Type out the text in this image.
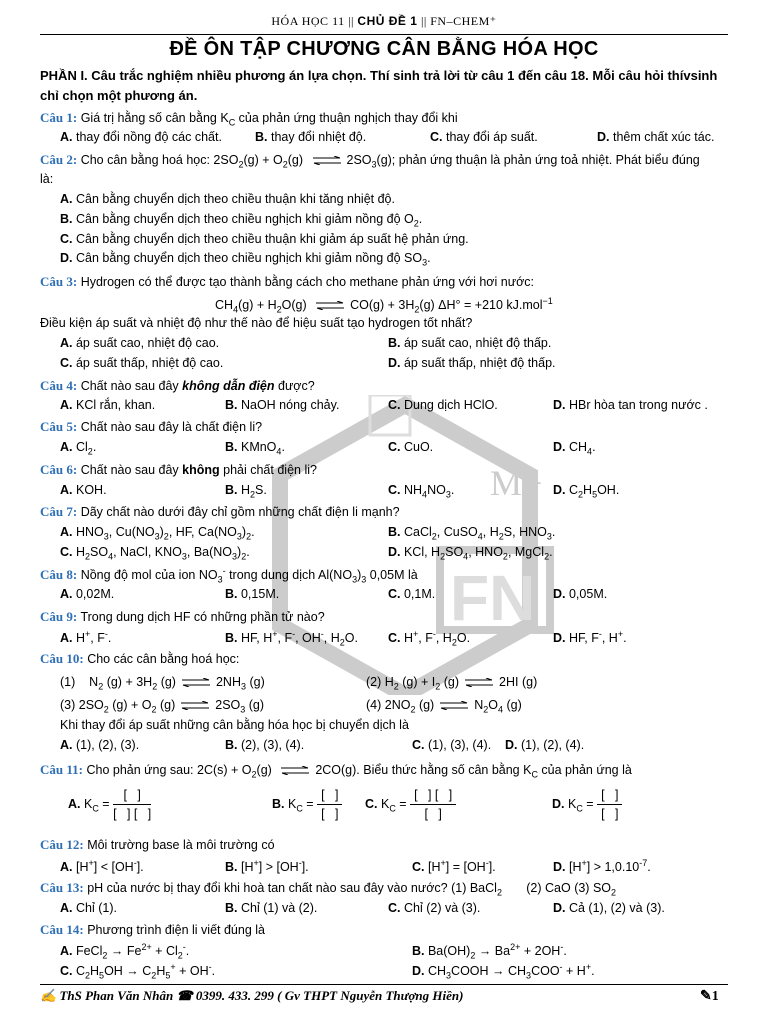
HÓA HỌC 11 || CHỦ ĐỀ 1 || FN–CHEM⁺
ĐỀ ÔN TẬP CHƯƠNG CÂN BẰNG HÓA HỌC
PHẦN I. Câu trắc nghiệm nhiều phương án lựa chọn. Thí sinh trả lời từ câu 1 đến câu 18. Mỗi câu hỏi thívsinh chỉ chọn một phương án.
M+
FN
Câu 1: Giá trị hằng số cân bằng $K_C$ của phản ứng thuận nghịch thay đổi khi
A. thay đổi nồng độ các chất.	B. thay đổi nhiệt độ.	C. thay đổi áp suất.	D. thêm chất xúc tác.
Câu 2: Cho cân bằng hoá học: $2SO_2(g) + O_2(g)$ ⇌ $2SO_3(g)$; phản ứng thuận là phản ứng toả nhiệt. Phát biểu đúng
là:
A. Cân bằng chuyển dịch theo chiều thuận khi tăng nhiệt độ.
B. Cân bằng chuyển dịch theo chiều nghịch khi giảm nồng độ $O_2$.
C. Cân bằng chuyển dịch theo chiều thuận khi giảm áp suất hệ phản ứng.
D. Cân bằng chuyển dịch theo chiều nghịch khi giảm nồng độ $SO_3$.
Câu 3: Hydrogen có thể được tạo thành bằng cách cho methane phản ứng với hơi nước:
$CH_4(g) + H_2O(g)$ ⇌ $CO(g) + 3H_2(g) \Delta H^\circ = +210$ kJ.mol$^{-1}$
Điều kiện áp suất và nhiệt độ như thế nào để hiệu suất tạo hydrogen tốt nhất?
A. áp suất cao, nhiệt độ cao.	B. áp suất cao, nhiệt độ thấp.
C. áp suất thấp, nhiệt độ cao.	D. áp suất thấp, nhiệt độ thấp.
Câu 4: Chất nào sau đây không dẫn điện được?
A. KCl rắn, khan.	B. NaOH nóng chảy.	C. Dung dịch HClO.	D. HBr hòa tan trong nước .
Câu 5: Chất nào sau đây là chất điện li?
A. $Cl_2$.	B. KMnO$_4$.	C. CuO.	D. $CH_4$.
Câu 6: Chất nào sau đây không phải chất điện li?
A. KOH.	B. $H_2S$.	C. $NH_4NO_3$.	D. $C_2H_5OH$.
Câu 7: Dãy chất nào dưới đây chỉ gồm những chất điện li mạnh?
A. $HNO_3$, $Cu(NO_3)_2$, HF, $Ca(NO_3)_2$.	B. CaCl$_2$, CuSO$_4$, $H_2S$, $HNO_3$.
C. $H_2SO_4$, NaCl, $KNO_3$, $Ba(NO_3)_2$.	D. KCl, $H_2SO_4$, $HNO_2$, MgCl$_2$.
Câu 8: Nồng độ mol của ion $NO_3^-$ trong dung dịch $Al(NO_3)_3$ 0,05M là
A. 0,02M.	B. 0,15M.	C. 0,1M.	D. 0,05M.
Câu 9: Trong dung dịch HF có những phần tử nào?
A. H+, F-.	B. HF, H+, F-, OH-, $H_2O$. C. H+, F-, $H_2O$.	D. HF, F-, H+.
Câu 10: Cho các cân bằng hoá học:
(1)    $N_2$ $(g) + 3H_2$ (g) ⇌ $2NH_3$ (g)	(2) $H_2$ $(g) + I_2$ (g) ⇌ 2HI (g)
(3) $2SO_2$ $(g) + O_2$ (g) ⇌ $2SO_3$ (g)	(4) $2NO_2$ (g) ⇌ $N_2O_4$ (g)
Khi thay đổi áp suất những cân bằng hóa học bị chuyển dịch là
A. (1), (2), (3).	B. (2), (3), (4).	C. (1), (3), (4). D. (1), (2), (4).
Câu 11: Cho phản ứng sau: $2C(s) + O_2(g)$ ⇌ 2CO(g). Biểu thức hằng số cân bằng $K_C$ của phản ứng là
A. $K_C = \frac{[ ]}{[ ] [ ]}$	B. $K_C = \frac{[ ]}{[ ]} C$. $K_C = \frac{[ ] [ ]}{[ ]}$	D. $K_C = \frac{[ ]}{[ ]}$
Câu 12: Môi trường base là môi trường có
A. [H+] < [OH-].	B. [H+] > [OH-].	C. [H+] = [OH-].	D. $[H^+] > 1,0.10^{-7}$.
Câu 13: pH của nước bị thay đổi khi hoà tan chất nào sau đây vào nước? (1) BaCl$_2$ (2) CaO (3) $SO_2$
A. Chỉ (1).	B. Chỉ (1) và (2).	C. Chỉ (2) và (3).	D. Cả (1), (2) và (3).
Câu 14: Phương trình điện li viết đúng là
A. FeCl$_2$ → $Fe^{2+} + Cl_2^-$.	B. $Ba(OH)_2 \to Ba^{2+} + 2OH^-$.
C. $C_2H_5OH \to C_2H_5^+ + OH^-$.	D. $CH_3COOH \to CH_3COO^- + H^+$.
✍ ThS Phan Văn Nhân ☎ 0399. 433. 299 ( Gv THPT Nguyễn Thượng Hiền)	✎1
